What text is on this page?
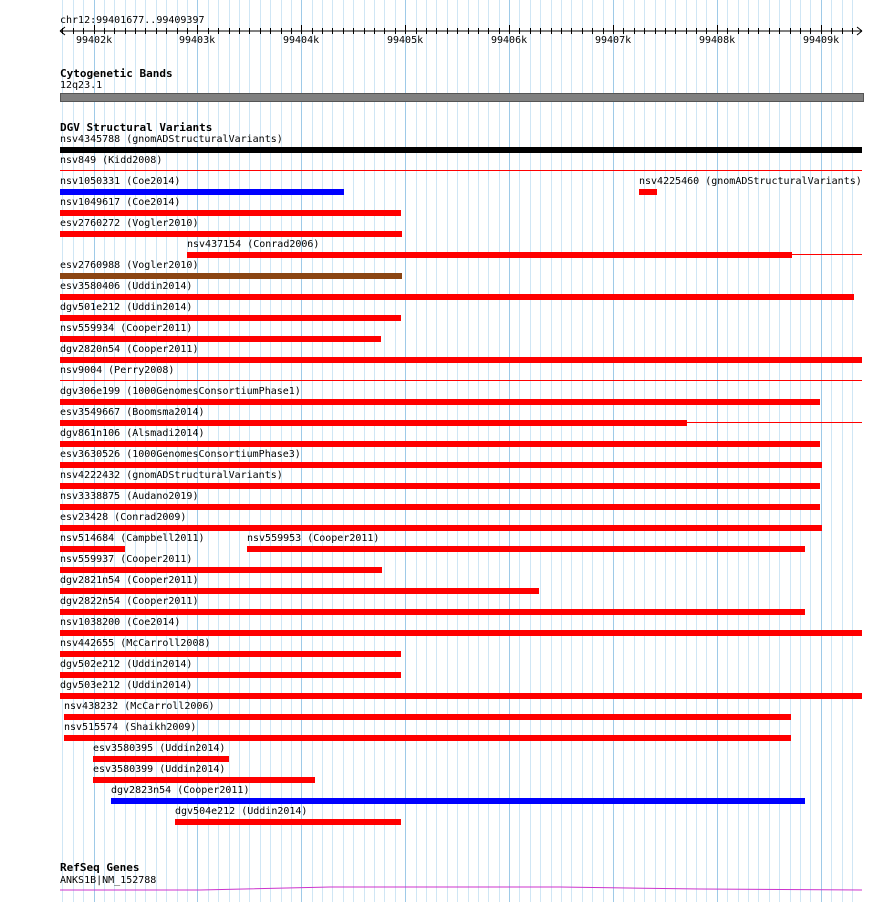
chr12:99401677..99409397
99402k	99403k	99404k	99405k	99406k	99407k	99408k	99409k
Cytogenetic Bands
12q23.1
DGV Structural Variants
nsv4345788 (gnomADStructuralVariants)
nsv849 (Kidd2008)
nsv1050331 (Coe2014)	nsv4225460 (gnomADStructuralVariants)
nsv1049617 (Coe2014)
esv2760272 (Vogler2010)
nsv437154 (Conrad2006)
esv2760988 (Vogler2010)
esv3580406 (Uddin2014)
dgv501e212 (Uddin2014)
nsv559934 (Cooper2011)
dgv2820n54 (Cooper2011)
nsv9004 (Perry2008)
dgv306e199 (1000GenomesConsortiumPhase1)
esv3549667 (Boomsma2014)
dgv861n106 (Alsmadi2014)
esv3630526 (1000GenomesConsortiumPhase3)
nsv4222432 (gnomADStructuralVariants)
nsv3338875 (Audano2019)
esv23428 (Conrad2009)
nsv514684 (Campbell2011)	nsv559953 (Cooper2011)
nsv559937 (Cooper2011)
dgv2821n54 (Cooper2011)
dgv2822n54 (Cooper2011)
nsv1038200 (Coe2014)
nsv442655 (McCarroll2008)
dgv502e212 (Uddin2014)
dgv503e212 (Uddin2014)
nsv438232 (McCarroll2006)
nsv515574 (Shaikh2009)
esv3580395 (Uddin2014)
esv3580399 (Uddin2014)
dgv2823n54 (Cooper2011)
dgv504e212 (Uddin2014)
RefSeq Genes
ANKS1B|NM_152788
